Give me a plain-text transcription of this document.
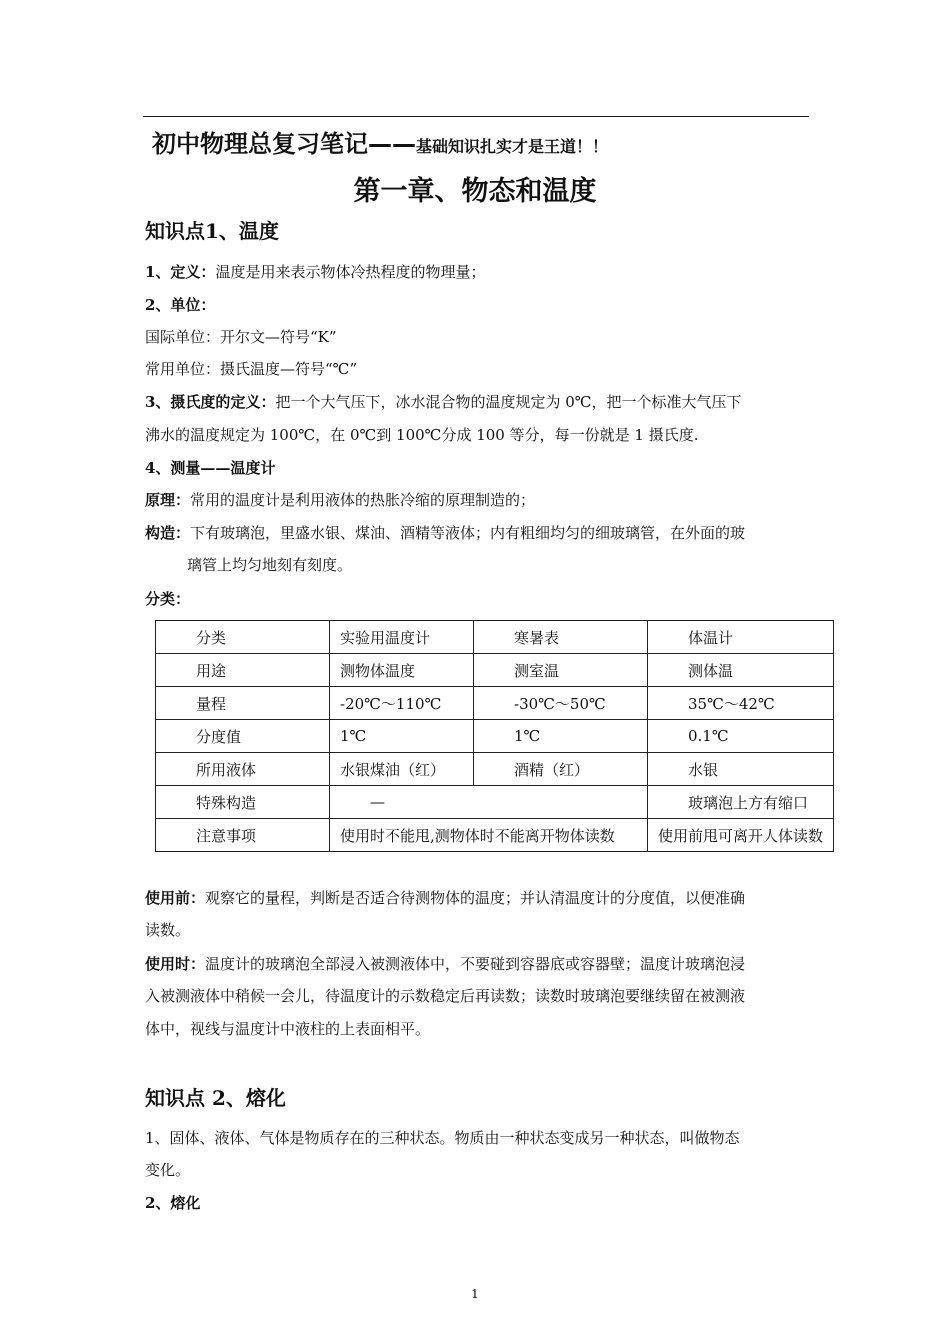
初中物理总复习笔记——基础知识扎实才是王道！！
第一章、物态和温度
知识点1、温度
1、定义：温度是用来表示物体冷热程度的物理量；
2、单位：
国际单位：开尔文—符号“K”
常用单位：摄氏温度—符号“℃”
3、摄氏度的定义：把一个大气压下，冰水混合物的温度规定为 0℃，把一个标准大气压下
沸水的温度规定为 100℃，在 0℃到 100℃分成 100 等分，每一份就是 1 摄氏度.
4、测量——温度计
原理：常用的温度计是利用液体的热胀冷缩的原理制造的；
构造：下有玻璃泡，里盛水银、煤油、酒精等液体；内有粗细均匀的细玻璃管，在外面的玻
璃管上均匀地刻有刻度。
分类：
分类	实验用温度计	寒暑表	体温计
用途	测物体温度	测室温	测体温
量程	-20℃～110℃	-30℃～50℃	35℃～42℃
分度值	1℃	1℃	0.1℃
所用液体	水银煤油（红）	酒精（红）	水银
特殊构造	—		玻璃泡上方有缩口
注意事项	使用时不能甩,测物体时不能离开物体读数		使用前甩可离开人体读数
使用前：观察它的量程，判断是否适合待测物体的温度；并认清温度计的分度值，以便准确
读数。
使用时：温度计的玻璃泡全部浸入被测液体中，不要碰到容器底或容器壁；温度计玻璃泡浸
入被测液体中稍候一会儿，待温度计的示数稳定后再读数；读数时玻璃泡要继续留在被测液
体中，视线与温度计中液柱的上表面相平。
知识点 2、熔化
1、固体、液体、气体是物质存在的三种状态。物质由一种状态变成另一种状态，叫做物态
变化。
2、熔化
1
